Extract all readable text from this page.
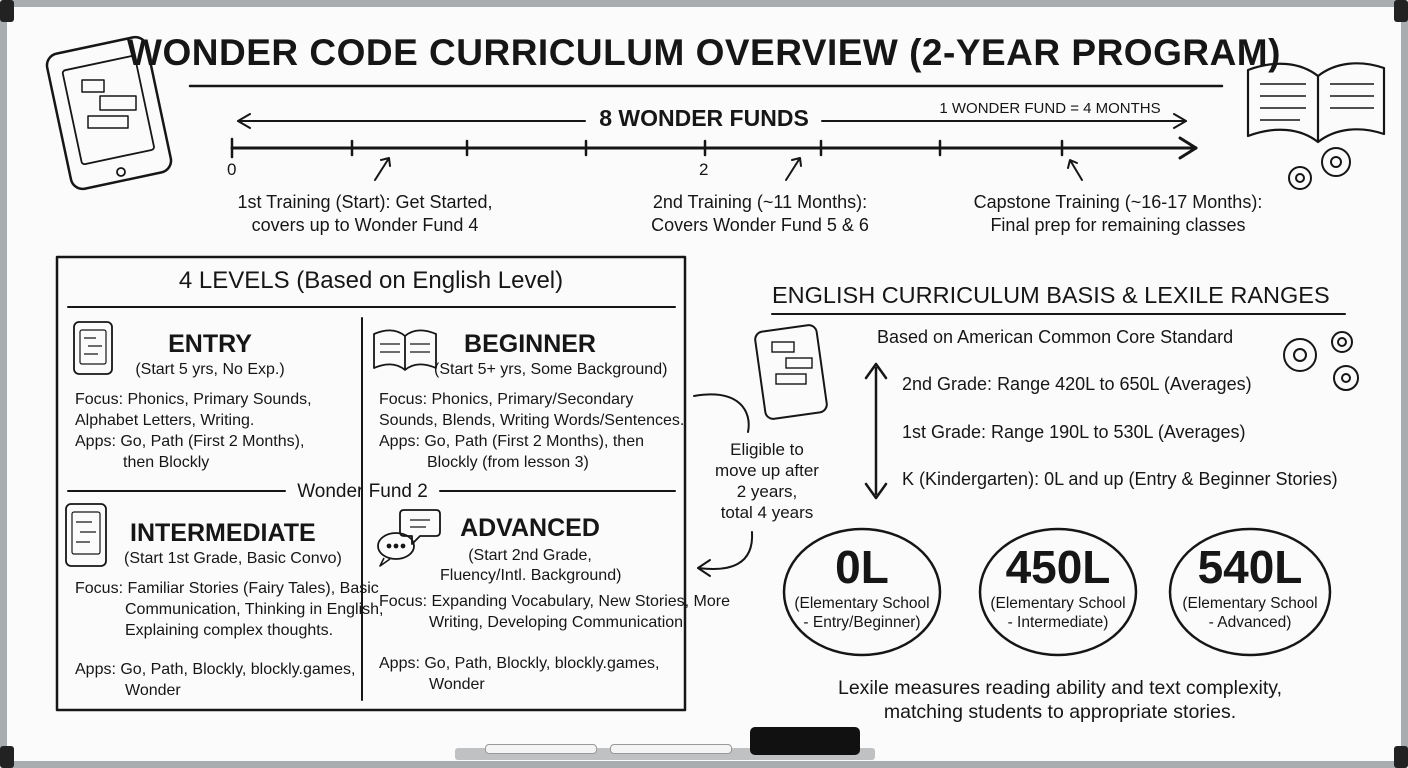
WONDER CODE CURRICULUM OVERVIEW (2-YEAR PROGRAM)
8 WONDER FUNDS	1 WONDER FUND = 4 MONTHS
0	2
1st Training (Start): Get Started,
covers up to Wonder Fund 4
2nd Training (~11 Months):
Covers Wonder Fund 5 & 6
Capstone Training (~16-17 Months):
Final prep for remaining classes
4 LEVELS (Based on English Level)
Wonder Fund 2
ENTRY
(Start 5 yrs, No Exp.)
Focus: Phonics, Primary Sounds,
Alphabet Letters, Writing.
Apps: Go, Path (First 2 Months),
then Blockly
BEGINNER
(Start 5+ yrs, Some Background)
Focus: Phonics, Primary/Secondary
Sounds, Blends, Writing Words/Sentences.
Apps: Go, Path (First 2 Months), then
Blockly (from lesson 3)
INTERMEDIATE
(Start 1st Grade, Basic Convo)
Focus: Familiar Stories (Fairy Tales), Basic Communication, Thinking in English, Explaining complex thoughts.
Apps: Go, Path, Blockly, blockly.games, Wonder
ADVANCED
(Start 2nd Grade,
Fluency/Intl. Background)
Focus: Expanding Vocabulary, New Stories, More Writing, Developing Communication.
Apps: Go, Path, Blockly, blockly.games, Wonder
Eligible to
move up after
2 years,
total 4 years
ENGLISH CURRICULUM BASIS & LEXILE RANGES
Based on American Common Core Standard
2nd Grade: Range 420L to 650L (Averages)
1st Grade: Range 190L to 530L (Averages)
K (Kindergarten): 0L and up (Entry & Beginner Stories)
0L
(Elementary School
- Entry/Beginner)
450L
(Elementary School
- Intermediate)
540L
(Elementary School
- Advanced)
Lexile measures reading ability and text complexity,
matching students to appropriate stories.
